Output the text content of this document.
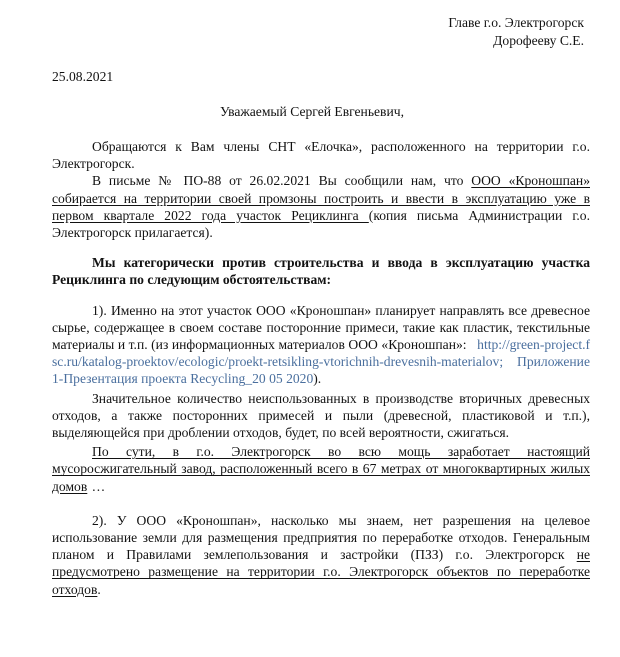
Главе г.о. Электрогорск
Дорофееву С.Е.
25.08.2021
Уважаемый Сергей Евгеньевич,

Обращаются к Вам члены СНТ «Елочка», расположенного на территории г.о. Электрогорск.

В письме № ПО-88 от 26.02.2021 Вы сообщили нам, что ООО «Кроношпан» собирается на территории своей промзоны построить и ввести в эксплуатацию уже в первом квартале 2022 года участок Рециклинга (копия письма Администрации г.о. Электрогорск прилагается).

Мы категорически против строительства и ввода в эксплуатацию участка Рециклинга по следующим обстоятельствам:

1). Именно на этот участок ООО «Кроношпан» планирует направлять все древесное сырье, содержащее в своем составе посторонние примеси, такие как пластик, текстильные материалы и т.п. (из информационных материалов ООО «Кроношпан»: http://green-project.fsc.ru/katalog-proektov/ecologic/proekt-retsikling-vtorichnih-drevesnih-materialov; Приложение 1-Презентация проекта Recycling_20 05 2020).

Значительное количество неиспользованных в производстве вторичных древесных отходов, а также посторонних примесей и пыли (древесной, пластиковой и т.п.), выделяющейся при дроблении отходов, будет, по всей вероятности, сжигаться.

По сути, в г.о. Электрогорск во всю мощь заработает настоящий мусоросжигательный завод, расположенный всего в 67 метрах от многоквартирных жилых домов …

2). У ООО «Кроношпан», насколько мы знаем, нет разрешения на целевое использование земли для размещения предприятия по переработке отходов. Генеральным планом и Правилами землепользования и застройки (ПЗЗ) г.о. Электрогорск не предусмотрено размещение на территории г.о. Электрогорск объектов по переработке отходов.
